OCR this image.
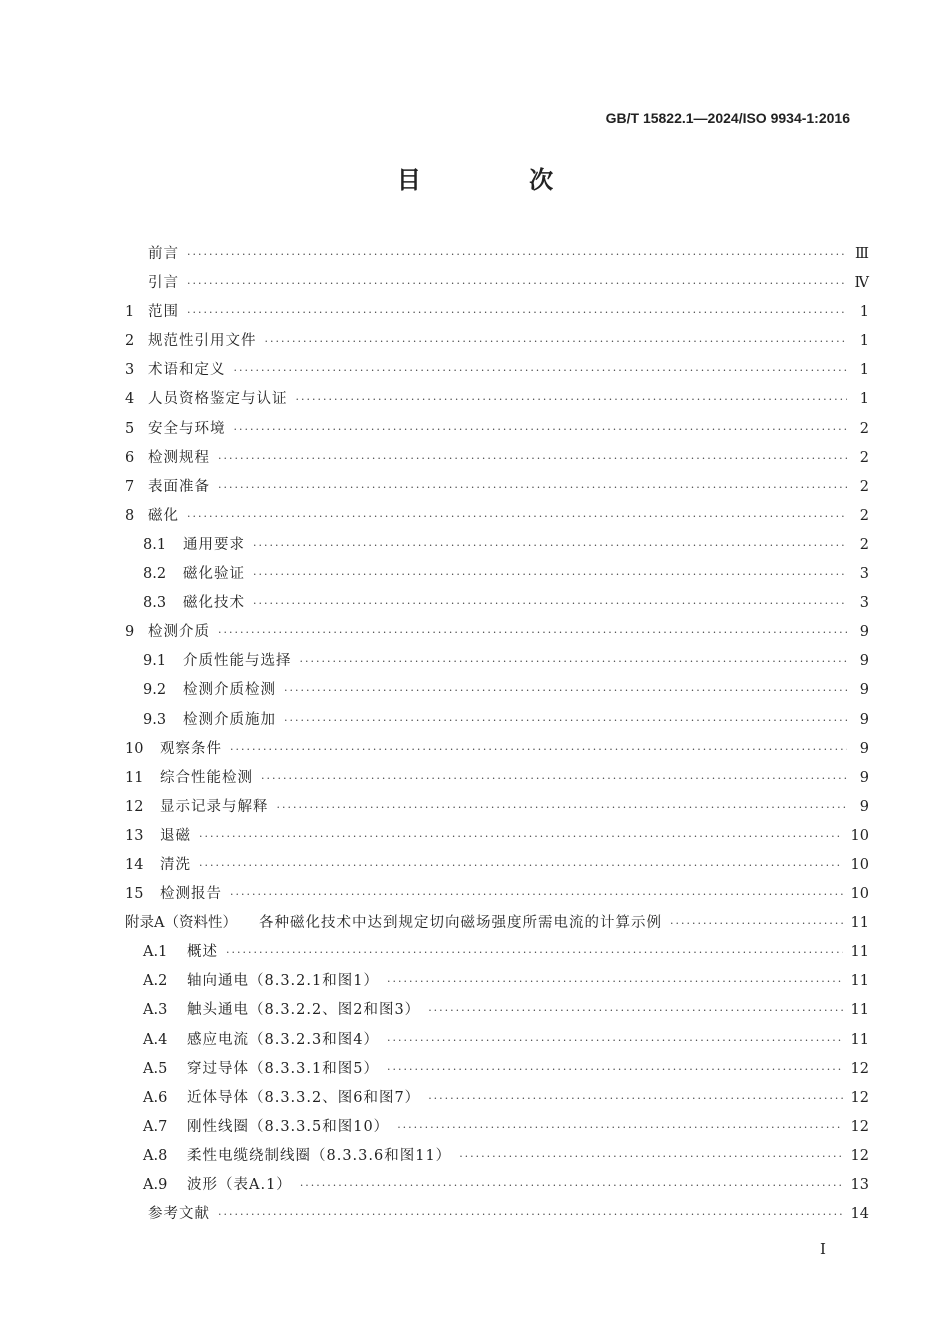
GB/T 15822.1—2024/ISO 9934-1:2016
目 次
前言 ·····	Ⅲ
引言 ·····	Ⅳ
1 范围 ·····	1
2 规范性引用文件 ·····	1
3 术语和定义 ·····	1
4 人员资格鉴定与认证 ·····	1
5 安全与环境 ·····	2
6 检测规程 ·····	2
7 表面准备 ·····	2
8 磁化 ·····	2
8.1	通用要求 ·····	2
8.2	磁化验证 ·····	3
8.3	磁化技术 ·····	3
9 检测介质 ·····	9
9.1	介质性能与选择 ·····	9
9.2	检测介质检测 ·····	9
9.3	检测介质施加 ·····	9
10	观察条件 ·····	9
11	综合性能检测 ·····	9
12	显示记录与解释 ·····	9
13	退磁 ·····	10
14	清洗 ·····	10
15	检测报告 ·····	10
附录A（资料性） 各种磁化技术中达到规定切向磁场强度所需电流的计算示例 ·····	11
A.1	概述 ·····	11
A.2	轴向通电（8.3.2.1和图1） ·····	11
A.3	触头通电（8.3.2.2、图2和图3） ·····	11
A.4	感应电流（8.3.2.3和图4） ·····	11
A.5	穿过导体（8.3.3.1和图5） ·····	12
A.6	近体导体（8.3.3.2、图6和图7） ·····	12
A.7	刚性线圈（8.3.3.5和图10） ·····	12
A.8	柔性电缆绕制线圈（8.3.3.6和图11） ·····	12
A.9	波形（表A.1） ·····	13
参考文献 ·····	14
I
